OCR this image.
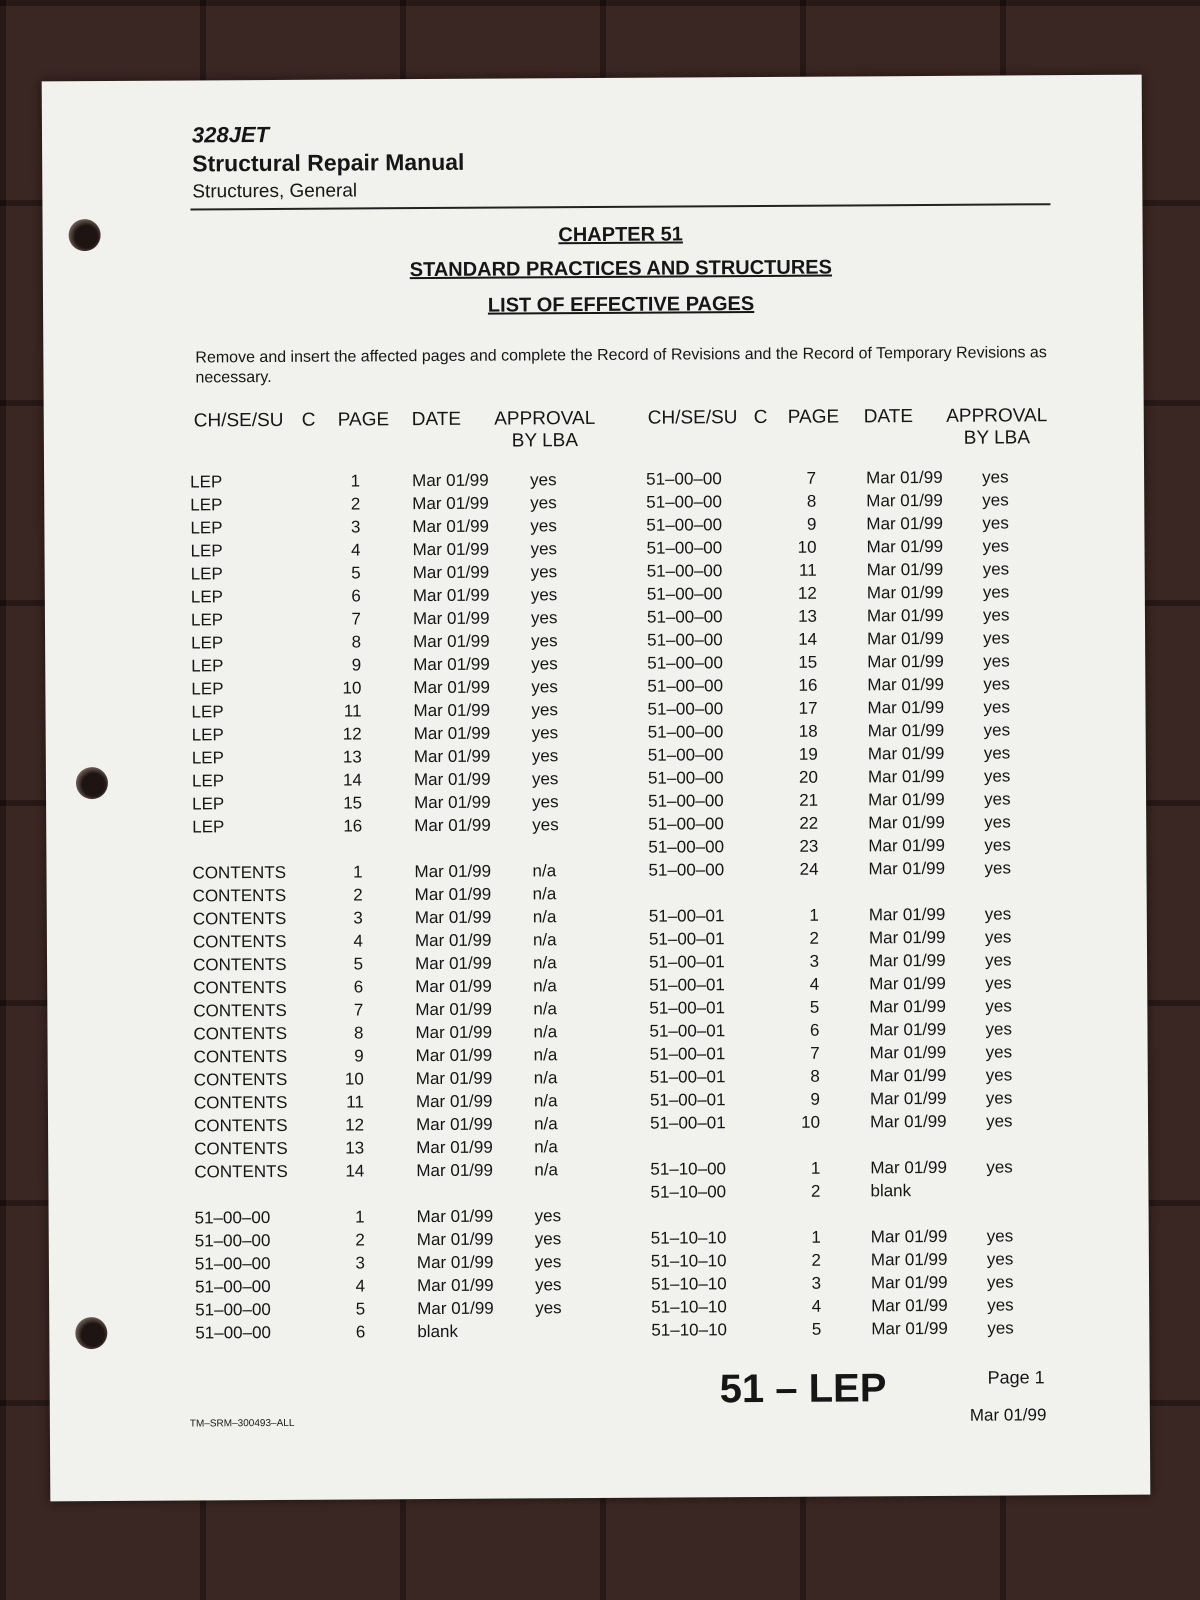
328JET
Structural Repair Manual
Structures, General
CHAPTER 51
STANDARD PRACTICES AND STRUCTURES
LIST OF EFFECTIVE PAGES
Remove and insert the affected pages and complete the Record of Revisions and the Record of Temporary Revisions as necessary.
CH/SE/SU C PAGE DATE APPROVAL
BY LBA
CH/SE/SU C PAGE DATE	APPROVAL
BY LBA
LEP	1	Mar 01/99 yes
LEP	2	Mar 01/99 yes
LEP	3	Mar 01/99 yes
LEP	4	Mar 01/99 yes
LEP	5	Mar 01/99 yes
LEP	6	Mar 01/99 yes
LEP	7	Mar 01/99 yes
LEP	8	Mar 01/99 yes
LEP	9	Mar 01/99 yes
LEP	10	Mar 01/99 yes
LEP	11	Mar 01/99 yes
LEP	12	Mar 01/99 yes
LEP	13	Mar 01/99 yes
LEP	14	Mar 01/99 yes
LEP	15	Mar 01/99 yes
LEP	16	Mar 01/99 yes
CONTENTS	1	Mar 01/99 n/a
CONTENTS	2	Mar 01/99 n/a
CONTENTS	3	Mar 01/99 n/a
CONTENTS	4	Mar 01/99 n/a
CONTENTS	5	Mar 01/99 n/a
CONTENTS	6	Mar 01/99 n/a
CONTENTS	7	Mar 01/99 n/a
CONTENTS	8	Mar 01/99 n/a
CONTENTS	9	Mar 01/99 n/a
CONTENTS	10	Mar 01/99 n/a
CONTENTS	11	Mar 01/99 n/a
CONTENTS	12	Mar 01/99 n/a
CONTENTS	13	Mar 01/99 n/a
CONTENTS	14	Mar 01/99 n/a
51–00–00	1	Mar 01/99 yes
51–00–00	2	Mar 01/99 yes
51–00–00	3	Mar 01/99 yes
51–00–00	4	Mar 01/99 yes
51–00–00	5	Mar 01/99 yes
51–00–00	6	blank
51–00–00	7	Mar 01/99 yes
51–00–00	8	Mar 01/99 yes
51–00–00	9	Mar 01/99 yes
51–00–00	10	Mar 01/99 yes
51–00–00	11	Mar 01/99 yes
51–00–00	12	Mar 01/99 yes
51–00–00	13	Mar 01/99 yes
51–00–00	14	Mar 01/99 yes
51–00–00	15	Mar 01/99 yes
51–00–00	16	Mar 01/99 yes
51–00–00	17	Mar 01/99 yes
51–00–00	18	Mar 01/99 yes
51–00–00	19	Mar 01/99 yes
51–00–00	20	Mar 01/99 yes
51–00–00	21	Mar 01/99 yes
51–00–00	22	Mar 01/99 yes
51–00–00	23	Mar 01/99 yes
51–00–00	24	Mar 01/99 yes
51–00–01	1	Mar 01/99 yes
51–00–01	2	Mar 01/99 yes
51–00–01	3	Mar 01/99 yes
51–00–01	4	Mar 01/99 yes
51–00–01	5	Mar 01/99 yes
51–00–01	6	Mar 01/99 yes
51–00–01	7	Mar 01/99 yes
51–00–01	8	Mar 01/99 yes
51–00–01	9	Mar 01/99 yes
51–00–01	10	Mar 01/99 yes
51–10–00	1	Mar 01/99 yes
51–10–00	2	blank
51–10–10	1	Mar 01/99 yes
51–10–10	2	Mar 01/99 yes
51–10–10	3	Mar 01/99 yes
51–10–10	4	Mar 01/99 yes
51–10–10	5	Mar 01/99 yes
TM–SRM–300493–ALL
51 – LEP	Page 1
Mar 01/99
